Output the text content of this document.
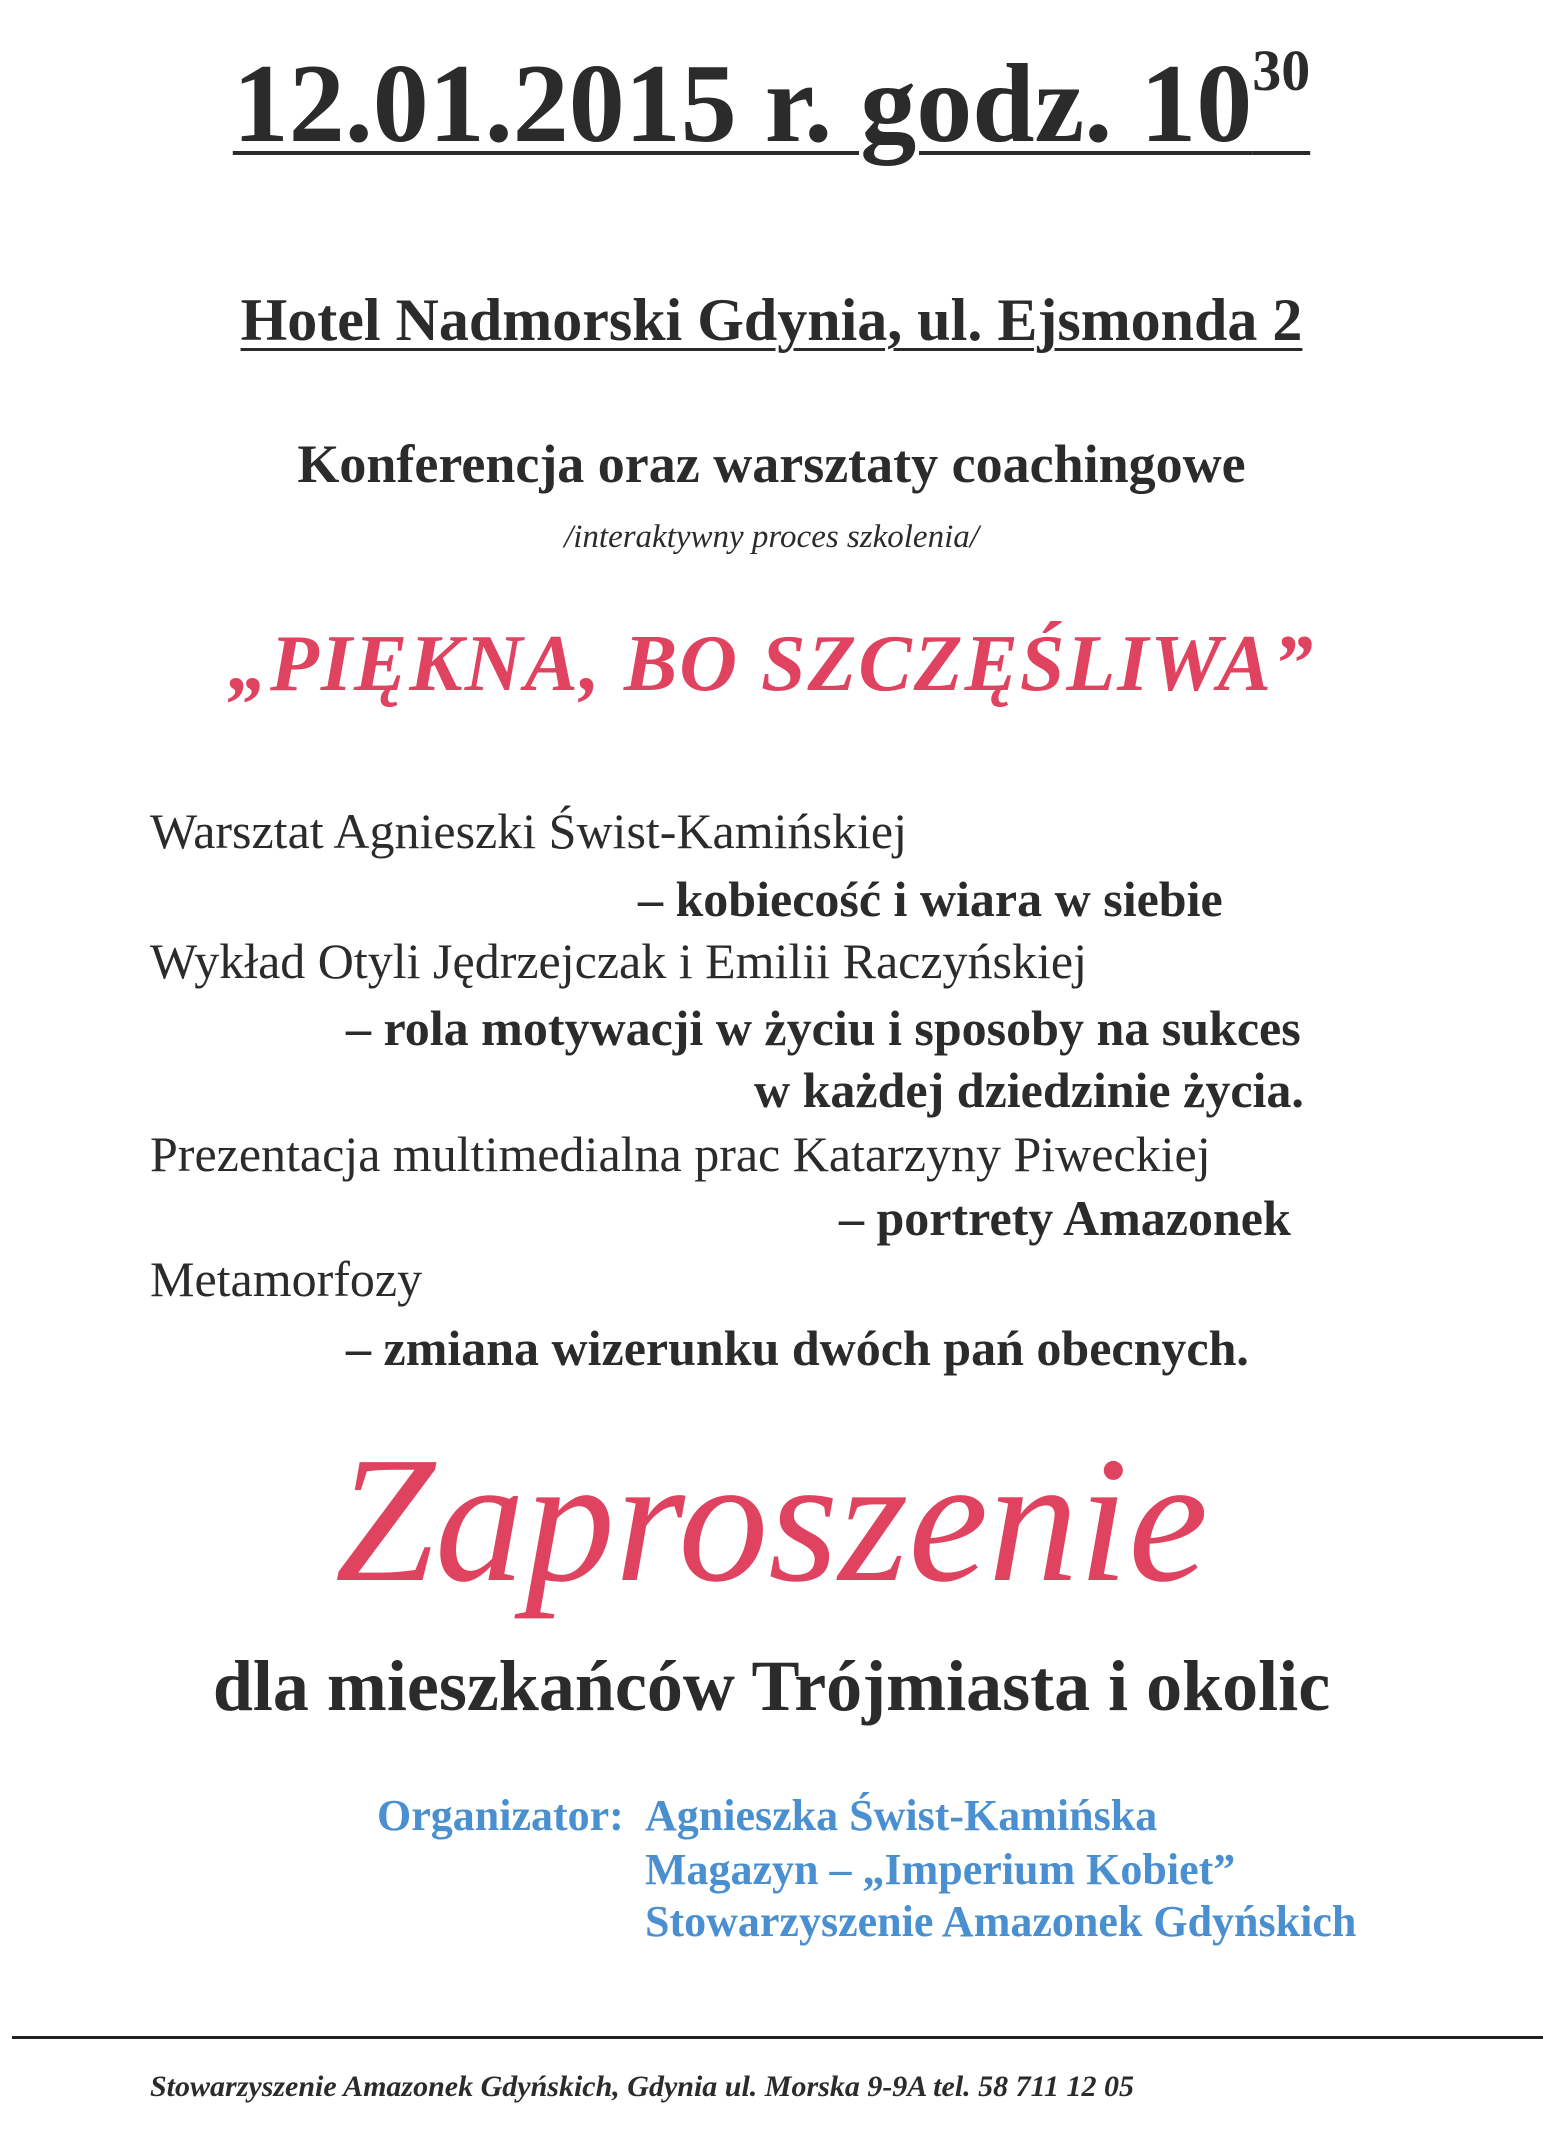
12.01.2015 r. godz. $10^{30}$
Hotel Nadmorski Gdynia, ul. Ejsmonda 2
Konferencja oraz warsztaty coachingowe
/interaktywny proces szkolenia/
„PIĘKNA, BO SZCZĘŚLIWA”
Warsztat Agnieszki Świst-Kamińskiej
– kobiecość i wiara w siebie
Wykład Otyli Jędrzejczak i Emilii Raczyńskiej
– rola motywacji w życiu i sposoby na sukces
w każdej dziedzinie życia.
Prezentacja multimedialna prac Katarzyny Piweckiej
– portrety Amazonek
Metamorfozy
– zmiana wizerunku dwóch pań obecnych.
Zaproszenie
dla mieszkańców Trójmiasta i okolic
Organizator: Agnieszka Świst-Kamińska
Magazyn – „Imperium Kobiet”
Stowarzyszenie Amazonek Gdyńskich
Stowarzyszenie Amazonek Gdyńskich, Gdynia ul. Morska 9-9A tel. 58 711 12 05
